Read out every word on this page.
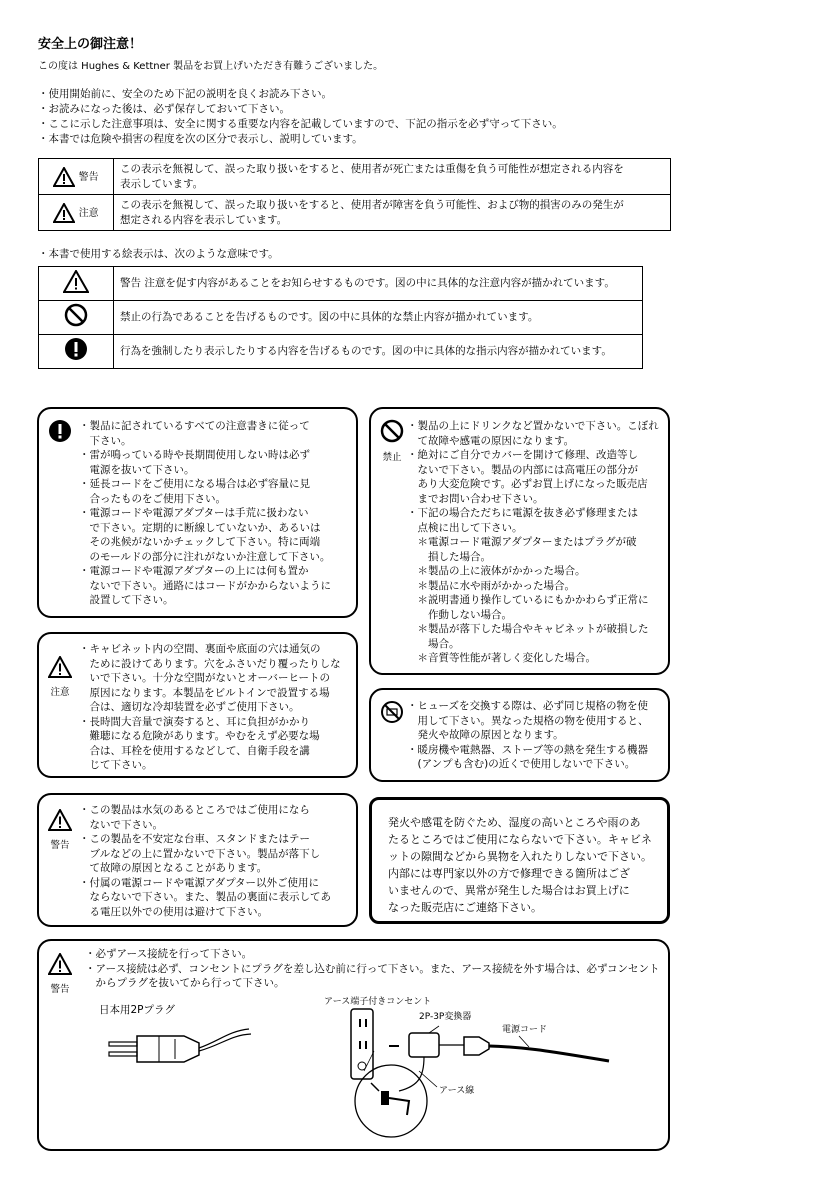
安全上の御注意！
この度は Hughes & Kettner 製品をお買上げいただき有難うございました。
・使用開始前に、安全のため下記の説明を良くお読み下さい。
・お読みになった後は、必ず保存しておいて下さい。
・ここに示した注意事項は、安全に関する重要な内容を記載していますので、下記の指示を必ず守って下さい。
・本書では危険や損害の程度を次の区分で表示し、説明しています。
警告	この表示を無視して、誤った取り扱いをすると、使用者が死亡または重傷を負う可能性が想定される内容を
表示しています。

注意	この表示を無視して、誤った取り扱いをすると、使用者が障害を負う可能性、および物的損害のみの発生が
想定される内容を表示しています。
・本書で使用する絵表示は、次のような意味です。
	警告 注意を促す内容があることをお知らせするものです。図の中に具体的な注意内容が描かれています。
	禁止の行為であることを告げるものです。図の中に具体的な禁止内容が描かれています。
	行為を強制したり表示したりする内容を告げるものです。図の中に具体的な指示内容が描かれています。
・製品に記されているすべての注意書きに従って
　下さい。
・雷が鳴っている時や長期間使用しない時は必ず
　電源を抜いて下さい。
・延長コードをご使用になる場合は必ず容量に見
　合ったものをご使用下さい。
・電源コードや電源アダプターは手荒に扱わない
　で下さい。定期的に断線していないか、あるいは
　その兆候がないかチェックして下さい。特に両端
　のモールドの部分に注れがないか注意して下さい。
・電源コードや電源アダプターの上には何も置か
　ないで下さい。通路にはコードがかからないように
　設置して下さい。
注意
・キャビネット内の空間、裏面や底面の穴は通気の
　ために設けてあります。穴をふさいだり覆ったりしな
　いで下さい。十分な空間がないとオーバーヒートの
　原因になります。本製品をビルトインで設置する場
　合は、適切な冷却装置を必ずご使用下さい。
・長時間大音量で演奏すると、耳に負担がかかり
　難聴になる危険があります。やむをえず必要な場
　合は、耳栓を使用するなどして、自衛手段を講
　じて下さい。
警告
・この製品は水気のあるところではご使用になら
　ないで下さい。
・この製品を不安定な台車、スタンドまたはテー
　ブルなどの上に置かないで下さい。製品が落下し
　て故障の原因となることがあります。
・付属の電源コードや電源アダプター以外ご使用に
　ならないで下さい。また、製品の裏面に表示してあ
　る電圧以外での使用は避けて下さい。
禁止
・製品の上にドリンクなど置かないで下さい。こぼれ
　て故障や感電の原因になります。
・絶対にご自分でカバーを開けて修理、改造等し
　ないで下さい。製品の内部には高電圧の部分が
　あり大変危険です。必ずお買上げになった販売店
　までお問い合わせ下さい。
・下記の場合ただちに電源を抜き必ず修理または
　点検に出して下さい。
　＊電源コード電源アダプターまたはプラグが破
　　損した場合。
　＊製品の上に液体がかかった場合。
　＊製品に水や雨がかかった場合。
　＊説明書通り操作しているにもかかわらず正常に
　　作動しない場合。
　＊製品が落下した場合やキャビネットが破損した
　　場合。
　＊音質等性能が著しく変化した場合。
・ヒューズを交換する際は、必ず同じ規格の物を使
　用して下さい。異なった規格の物を使用すると、
　発火や故障の原因となります。
・暖房機や電熱器、ストーブ等の熱を発生する機器
　(アンプも含む)の近くで使用しないで下さい。
発火や感電を防ぐため、湿度の高いところや雨のあ
たるところではご使用にならないで下さい。キャビネ
ットの隙間などから異物を入れたりしないで下さい。
内部には専門家以外の方で修理できる箇所はござ
いませんので、異常が発生した場合はお買上げに
なった販売店にご連絡下さい。
警告
・必ずアース接続を行って下さい。
・アース接続は必ず、コンセントにプラグを差し込む前に行って下さい。また、アース接続を外す場合は、必ずコンセント
　からプラグを抜いてから行って下さい。
日本用2Pプラグ
アース端子付きコンセント
2P-3P変換器
電源コード
アース線
